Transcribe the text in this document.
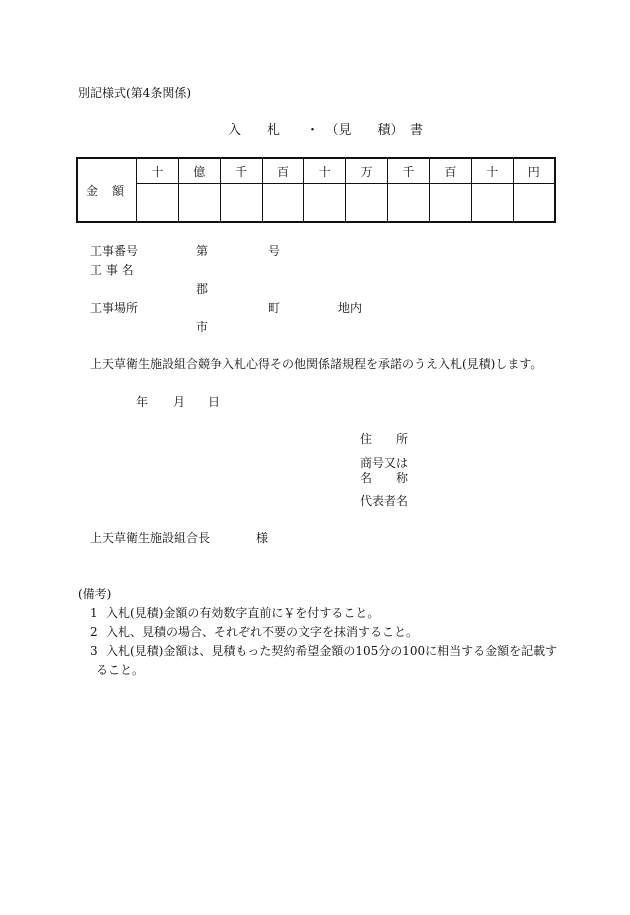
別記様式(第4条関係)
入　　札　　・　（見　　積）　書
金 額	十	億	千	百	十	万	千	百	十	円

工事番号	第	号
工 事 名
郡
工事場所	町	地内
市
上天草衛生施設組合競争入札心得その他関係諸規程を承諾のうえ入札(見積)します。
年 月 日
住　　所
商号又は
名　　称
代表者名
上天草衛生施設組合長	様
(備考)
1 入札(見積)金額の有効数字直前に￥を付すること。
2 入札、見積の場合、それぞれ不要の文字を抹消すること。
3 入札(見積)金額は、見積もった契約希望金額の105分の100に相当する金額を記載す
ること。
